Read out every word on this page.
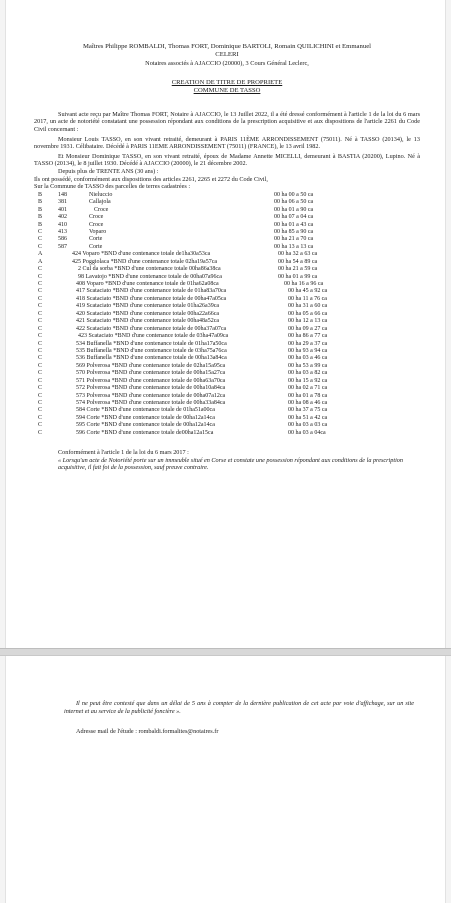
Maîtres Philippe ROMBALDI, Thomas FORT, Dominique BARTOLI, Romain QUILICHINI et Emmanuel
CELERI
Notaires associés à AJACCIO (20000), 3 Cours Général Leclerc,
CREATION DE TITRE DE PROPRIETE
COMMUNE DE TASSO
Suivant acte reçu par Maître Thomas FORT, Notaire à AJACCIO, le 13 Juillet 2022, il a été dressé conformément à l'article 1 de la loi du 6 mars 2017, un acte de notoriété constatant une possession répondant aux conditions de la prescription acquisitive et aux dispositions de l'article 2261 du Code Civil concernant :
Monsieur Louis TASSO, en son vivant retraité, demeurant à PARIS 11ÈME ARRONDISSEMENT (75011). Né à TASSO (20134), le 13 novembre 1931. Célibataire. Décédé à PARIS 11EME ARRONDISSEMENT (75011) (FRANCE), le 13 avril 1982.
Et Monsieur Dominique TASSO, en son vivant retraité, époux de Madame Annette MICELLI, demeurant à BASTIA (20200), Lupino. Né à TASSO (20134), le 8 juillet 1930. Décédé à AJACCIO (20000), le 21 décembre 2002.
Depuis plus de TRENTE ANS (30 ans) :
Ils ont possédé, conformément aux dispositions des articles 2261, 2265 et 2272 du Code Civil,
Sur la Commune de TASSO des parcelles de terres cadastrées :
B	148	Nieluccio	00 ha 00 a 50 ca
B	381	Callajola	00 ha 06 a 50 ca
B	401	Croce	00 ha 01 a 90 ca
B	402	Croce	00 ha 07 a 04 ca
B	410	Croce	00 ha 01 a 43 ca
C	413	Voparo	00 ha 85 a 90 ca
C	586	Corte	00 ha 21 a 70 ca
C	587	Corte	00 ha 13 a 13 ca
A	424 Voparo *BND d'une contenance totale de1ha30a53ca	00 ha 32 a 63 ca
A	425 Poggiolaca *BND d'une contenance totale 02ha19a57ca	00 ha 54 a 89 ca
C	2 Cul da sorba *BND d'une contenance totale 00ha86a38ca	00 ha 21 a 59 ca
C	98 Lavatojo *BND d'une contenance totale de 00ha07a96ca	00 ha 01 a 99 ca
C	408 Voparo *BND d'une contenance totale de 01ha62a08ca	00 ha 16 a 96 ca
C	417 Scataciato *BND d'une contenance totale de 01ha83a70ca	00 ha 45 a 92 ca
C	418 Scataciato *BND d'une contenance totale de 00ha47a05ca	00 ha 11 a 76 ca
C	419 Scataciato *BND d'une contenance totale 01ha26a39ca	00 ha 31 a 60 ca
C	420 Scataciato *BND d'une contenance totale 00ha22a66ca	00 ha 05 a 66 ca
C	421 Scataciato *BND d'une contenance totale 00ha48a52ca	00 ha 12 a 13 ca
C	422 Scataciato *BND d'une contenance totale de 00ha37a07ca	00 ha 09 a 27 ca
C	423 Scataciato *BND d'une contenance totale de 03ha47a09ca	00 ha 86 a 77 ca
C	534 Buffanella *BND d'une contenance totale de 01ha17a50ca	00 ha 29 a 37 ca
C	535 Buffanella *BND d'une contenance totale de 03ha75a76ca	00 ha 93 a 94 ca
C	536 Buffanella *BND d'une contenance totale de 00ha13a84ca	00 ha 03 a 46 ca
C	569 Polverosa *BND d'une contenance totale de 02ha15a95ca	00 ha 53 a 99 ca
C	570 Polverosa *BND d'une contenance totale de 00ha15a27ca	00 ha 03 a 82 ca
C	571 Polverosa *BND d'une contenance totale de 00ha63a70ca	00 ha 15 a 92 ca
C	572 Polverosa *BND d'une contenance totale de 00ha10a84ca	00 ha 02 a 71 ca
C	573 Polverosa *BND d'une contenance totale de 00ha07a12ca	00 ha 01 a 78 ca
C	574 Polverosa *BND d'une contenance totale de 00ha33a84ca	00 ha 08 a 46 ca
C	584 Corte *BND d'une contenance totale de 01ha51a00ca	00 ha 37 a 75 ca
C	594 Corte *BND d'une contenance totale de 00ha12a14ca	00 ha 51 a 42 ca
C	595 Corte *BND d'une contenance totale de 00ha12a14ca	00 ha 03 a 03 ca
C	596 Corte *BND d'une contenance totale de00ha12a15ca	00 ha 03 a 04ca
Conformément à l'article 1 de la loi du 6 mars 2017 :
« Lorsqu'un acte de Notoriété porte sur un immeuble situé en Corse et constate une possession répondant aux conditions de la prescription acquisitive, il fait foi de la possession, sauf preuve contraire.
Il ne peut être contesté que dans un délai de 5 ans à compter de la dernière publication de cet acte par voie d'affichage, sur un site internet et au service de la publicité foncière ».
Adresse mail de l'étude : rombaldi.formalites@notaires.fr
